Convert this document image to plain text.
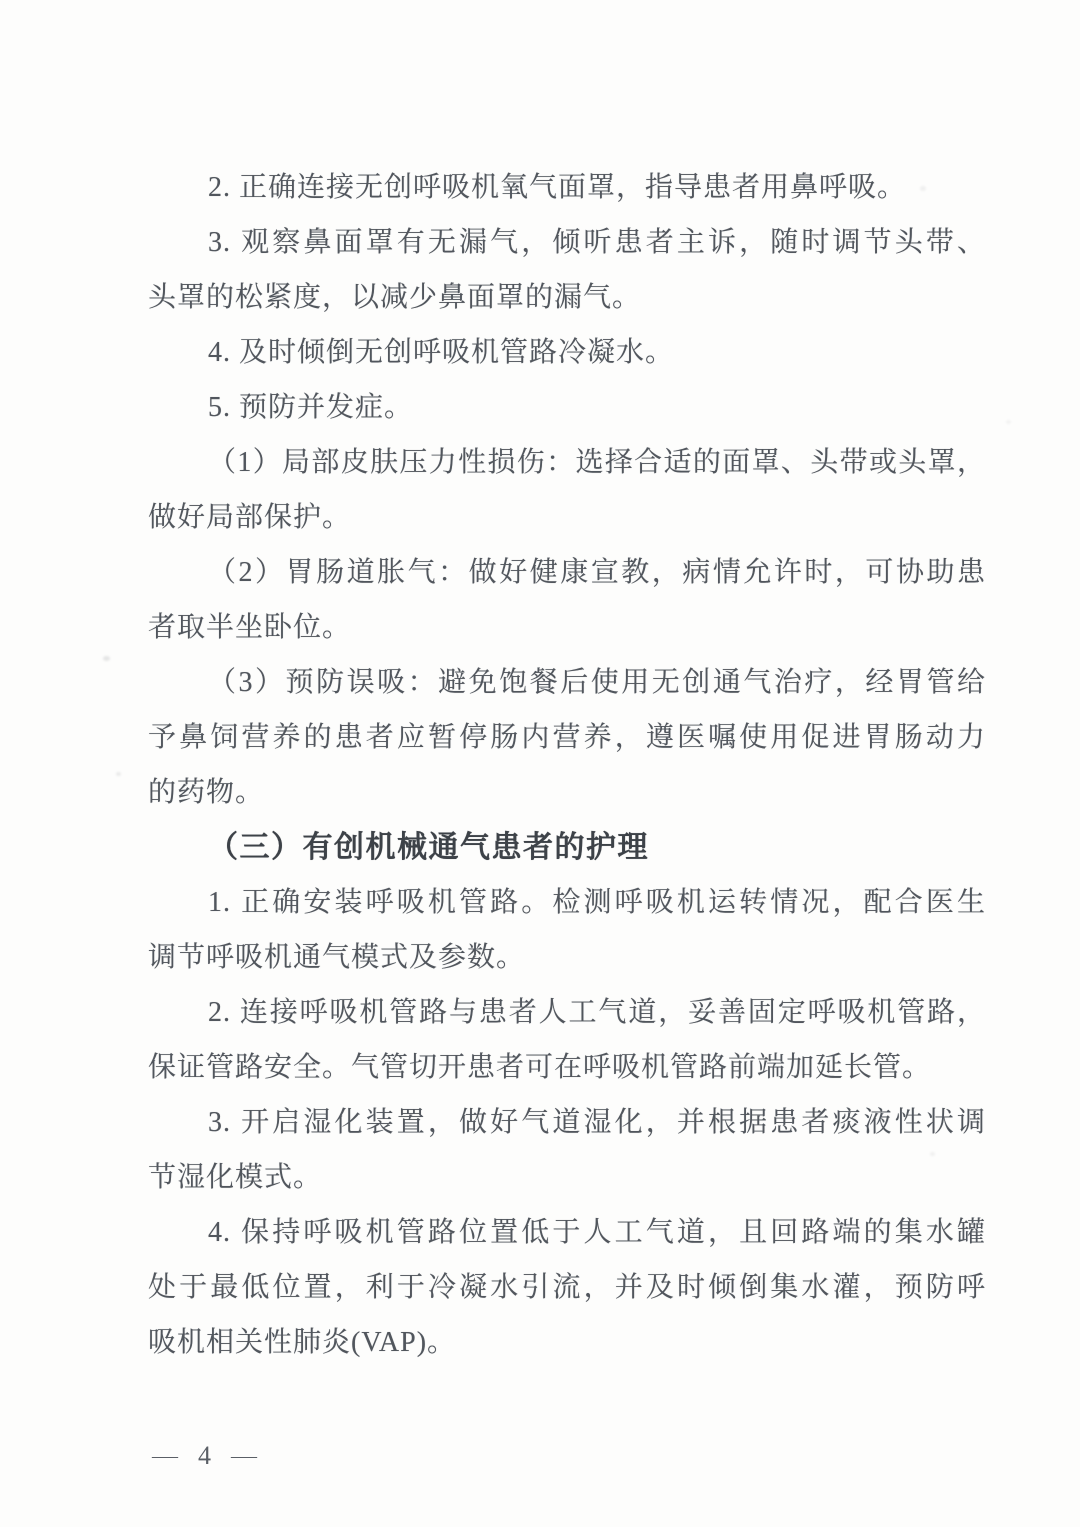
2. 正确连接无创呼吸机氧气面罩，指导患者用鼻呼吸。
3. 观察鼻面罩有无漏气，倾听患者主诉，随时调节头带、
头罩的松紧度，以减少鼻面罩的漏气。
4. 及时倾倒无创呼吸机管路冷凝水。
5. 预防并发症。
（1）局部皮肤压力性损伤：选择合适的面罩、头带或头罩，
做好局部保护。
（2）胃肠道胀气：做好健康宣教，病情允许时，可协助患
者取半坐卧位。
（3）预防误吸：避免饱餐后使用无创通气治疗，经胃管给
予鼻饲营养的患者应暂停肠内营养，遵医嘱使用促进胃肠动力
的药物。
（三）有创机械通气患者的护理
1. 正确安装呼吸机管路。检测呼吸机运转情况，配合医生
调节呼吸机通气模式及参数。
2. 连接呼吸机管路与患者人工气道，妥善固定呼吸机管路，
保证管路安全。气管切开患者可在呼吸机管路前端加延长管。
3. 开启湿化装置，做好气道湿化，并根据患者痰液性状调
节湿化模式。
4. 保持呼吸机管路位置低于人工气道，且回路端的集水罐
处于最低位置，利于冷凝水引流，并及时倾倒集水灌，预防呼
吸机相关性肺炎(VAP)。
— 4 —
